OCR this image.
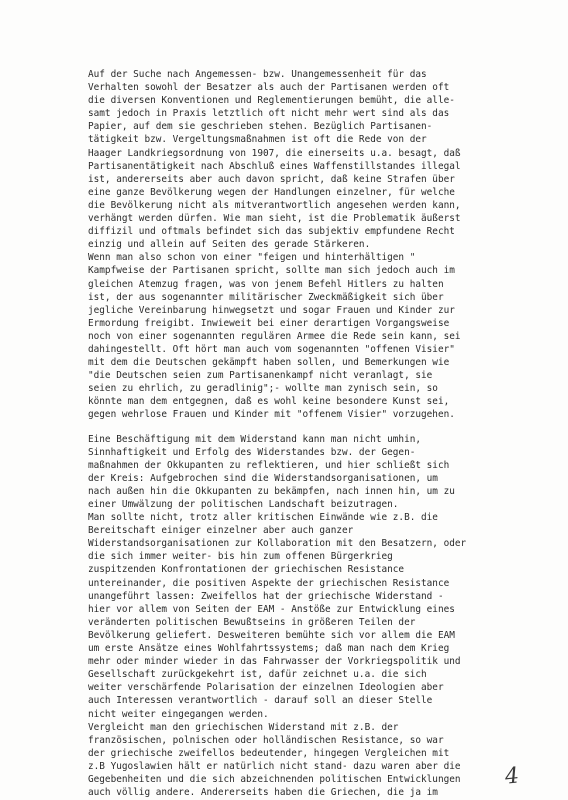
Auf der Suche nach Angemessen- bzw. Unangemessenheit für das
Verhalten sowohl der Besatzer als auch der Partisanen werden oft
die diversen Konventionen und Reglementierungen bemüht, die alle-
samt jedoch in Praxis letztlich oft nicht mehr wert sind als das
Papier, auf dem sie geschrieben stehen. Bezüglich Partisanen-
tätigkeit bzw. Vergeltungsmaßnahmen ist oft die Rede von der
Haager Landkriegsordnung von 1907, die einerseits u.a. besagt, daß
Partisanentätigkeit nach Abschluß eines Waffenstillstandes illegal
ist, andererseits aber auch davon spricht, daß keine Strafen über
eine ganze Bevölkerung wegen der Handlungen einzelner, für welche
die Bevölkerung nicht als mitverantwortlich angesehen werden kann,
verhängt werden dürfen. Wie man sieht, ist die Problematik äußerst
diffizil und oftmals befindet sich das subjektiv empfundene Recht
einzig und allein auf Seiten des gerade Stärkeren.
Wenn man also schon von einer "feigen und hinterhältigen "
Kampfweise der Partisanen spricht, sollte man sich jedoch auch im
gleichen Atemzug fragen, was von jenem Befehl Hitlers zu halten
ist, der aus sogenannter militärischer Zweckmäßigkeit sich über
jegliche Vereinbarung hinwegsetzt und sogar Frauen und Kinder zur
Ermordung freigibt. Inwieweit bei einer derartigen Vorgangsweise
noch von einer sogenannten regulären Armee die Rede sein kann, sei
dahingestellt. Oft hört man auch vom sogenannten "offenen Visier"
mit dem die Deutschen gekämpft haben sollen, und Bemerkungen wie
"die Deutschen seien zum Partisanenkampf nicht veranlagt, sie
seien zu ehrlich, zu geradlinig";- wollte man zynisch sein, so
könnte man dem entgegnen, daß es wohl keine besondere Kunst sei,
gegen wehrlose Frauen und Kinder mit "offenem Visier" vorzugehen.
Eine Beschäftigung mit dem Widerstand kann man nicht umhin,
Sinnhaftigkeit und Erfolg des Widerstandes bzw. der Gegen-
maßnahmen der Okkupanten zu reflektieren, und hier schließt sich
der Kreis: Aufgebrochen sind die Widerstandsorganisationen, um
nach außen hin die Okkupanten zu bekämpfen, nach innen hin, um zu
einer Umwälzung der politischen Landschaft beizutragen.
Man sollte nicht, trotz aller kritischen Einwände wie z.B. die
Bereitschaft einiger einzelner aber auch ganzer
Widerstandsorganisationen zur Kollaboration mit den Besatzern, oder
die sich immer weiter- bis hin zum offenen Bürgerkrieg
zuspitzenden Konfrontationen der griechischen Resistance
untereinander, die positiven Aspekte der griechischen Resistance
unangeführt lassen: Zweifellos hat der griechische Widerstand -
hier vor allem von Seiten der EAM - Anstöße zur Entwicklung eines
veränderten politischen Bewußtseins in größeren Teilen der
Bevölkerung geliefert. Desweiteren bemühte sich vor allem die EAM
um erste Ansätze eines Wohlfahrtssystems; daß man nach dem Krieg
mehr oder minder wieder in das Fahrwasser der Vorkriegspolitik und
Gesellschaft zurückgekehrt ist, dafür zeichnet u.a. die sich
weiter verschärfende Polarisation der einzelnen Ideologien aber
auch Interessen verantwortlich - darauf soll an dieser Stelle
nicht weiter eingegangen werden.
Vergleicht man den griechischen Widerstand mit z.B. der
französischen, polnischen oder holländischen Resistance, so war
der griechische zweifellos bedeutender, hingegen Vergleichen mit
z.B Yugoslawien hält er natürlich nicht stand- dazu waren aber die
Gegebenheiten und die sich abzeichnenden politischen Entwicklungen
auch völlig andere. Andererseits haben die Griechen, die ja im
4
